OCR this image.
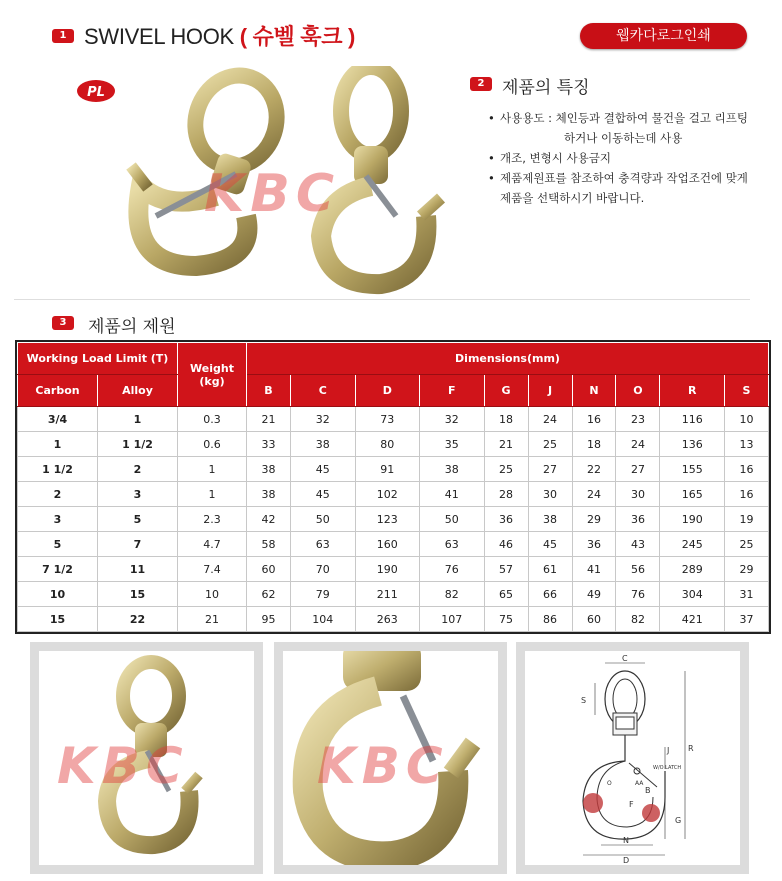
1 SWIVEL HOOK ( 슈벨 훅크 )	웹카다로그인쇄
PL
KBC
2	제품의 특징
• 사용용도 : 체인등과 결합하여 물건을 걸고 리프팅
하거나 이동하는데 사용
• 개조, 변형시 사용금지
• 제품제원표를 참조하여 충격량과 작업조건에 맞게
제품을 선택하시기 바랍니다.
3	제품의 제원
Working Load Limit (T)		Weight (kg)	Dimensions(mm)									
Carbon	Alloy		B	C	D	F	G	J	N	O	R	S
3/4	1	0.3	21	32	73	32	18	24	16	23	116	10
1	1 1/2	0.6	33	38	80	35	21	25	18	24	136	13
1 1/2	2	1	38	45	91	38	25	27	22	27	155	16
2	3	1	38	45	102	41	28	30	24	30	165	16
3	5	2.3	42	50	123	50	36	38	29	36	190	19
5	7	4.7	58	63	160	63	46	45	36	43	245	25
7 1/2	11	7.4	60	70	190	76	57	61	41	56	289	29
10	15	10	62	79	211	82	65	66	49	76	304	31
15	22	21	95	104	263	107	75	86	60	82	421	37
KBC	KBC
C
S
R
J
W/O LATCH
AA
B
F
O
G
N
D
